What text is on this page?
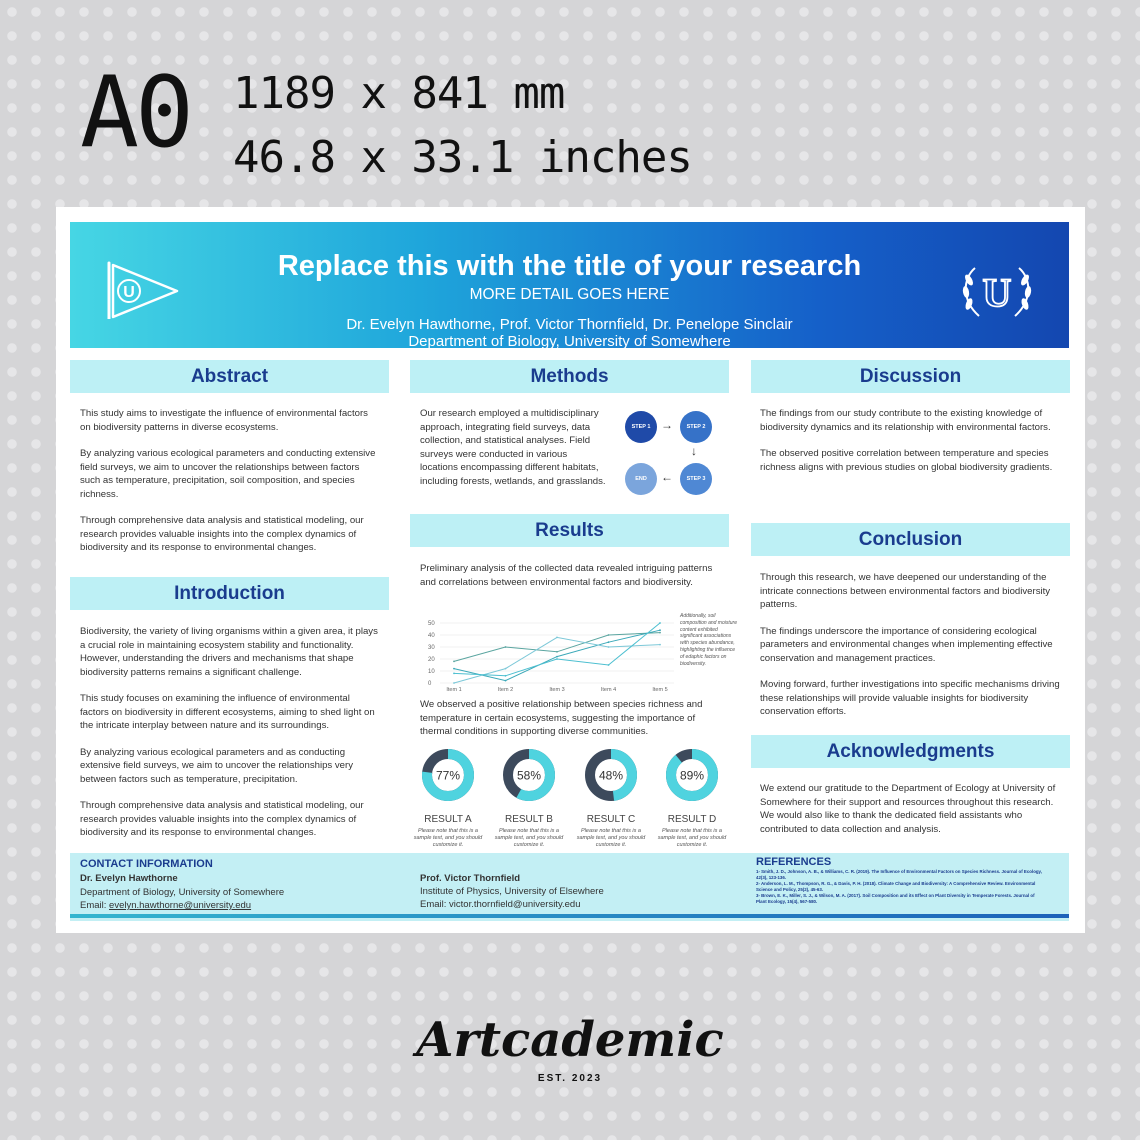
A0 1189 x 841 mm
46.8 x 33.1 inches
U
Replace this with the title of your research
MORE DETAIL GOES HERE
Dr. Evelyn Hawthorne, Prof. Victor Thornfield, Dr. Penelope Sinclair
Department of Biology, University of Somewhere
U
Abstract

This study aims to investigate the influence of environmental factors on biodiversity patterns in diverse ecosystems.

By analyzing various ecological parameters and conducting extensive field surveys, we aim to uncover the relationships between factors such as temperature, precipitation, soil composition, and species richness.

Through comprehensive data analysis and statistical modeling, our research provides valuable insights into the complex dynamics of biodiversity and its response to environmental changes.

Introduction

Biodiversity, the variety of living organisms within a given area, it plays a crucial role in maintaining ecosystem stability and functionality. However, understanding the drivers and mechanisms that shape biodiversity patterns remains a significant challenge.

This study focuses on examining the influence of environmental factors on biodiversity in different ecosystems, aiming to shed light on the intricate interplay between nature and its surroundings.

By analyzing various ecological parameters and as conducting extensive field surveys, we aim to uncover the relationships very between factors such as temperature, precipitation.

Through comprehensive data analysis and statistical modeling, our research provides valuable insights into the complex dynamics of biodiversity and its response to environmental changes.

Methods
Our research employed a multidisciplinary approach, integrating field surveys, data collection, and statistical analyses. Field surveys were conducted in various locations encompassing different habitats, including forests, wetlands, and grasslands.
STEP 1 →	STEP 2
↓
STEP 3
←
END
Results
Preliminary analysis of the collected data revealed intriguing patterns and correlations between environmental factors and biodiversity.
50
40
30
20
10
0
Item 1	Item 2	Item 3	Item 4	Item 5
Additionally, soil composition and moisture content exhibited significant associations with species abundance, highlighting the influence of edaphic factors on biodiversity.
We observed a positive relationship between species richness and temperature in certain ecosystems, suggesting the importance of thermal conditions in supporting diverse communities.
77%
RESULT A
Please note that this is a sample text, and you should customize it.
58%
RESULT B
Please note that this is a sample text, and you should customize it.
48%
RESULT C
Please note that this is a sample text, and you should customize it.
89%
RESULT D
Please note that this is a sample text, and you should customize it.
Discussion

The findings from our study contribute to the existing knowledge of biodiversity dynamics and its relationship with environmental factors.

The observed positive correlation between temperature and species richness aligns with previous studies on global biodiversity gradients.

Conclusion

Through this research, we have deepened our understanding of the intricate connections between environmental factors and biodiversity patterns.

The findings underscore the importance of considering ecological parameters and environmental changes when implementing effective conservation and management practices.

Moving forward, further investigations into specific mechanisms driving these relationships will provide valuable insights for biodiversity conservation efforts.

Acknowledgments
We extend our gratitude to the Department of Ecology at University of Somewhere for their support and resources throughout this research. We would also like to thank the dedicated field assistants who contributed to data collection and analysis.
CONTACT INFORMATION
Dr. Evelyn Hawthorne
Department of Biology, University of Somewhere
Email: evelyn.hawthorne@university.edu
Prof. Victor Thornfield
Institute of Physics, University of Elsewhere
Email: victor.thornfield@university.edu
REFERENCES
1- Smith, J. D., Johnson, A. B., & Williams, C. R. (2019). The Influence of Environmental Factors on Species Richness. Journal of Ecology, 42(3), 123-136.
2- Anderson, L. M., Thompson, R. G., & Davis, P. H. (2018). Climate Change and Biodiversity: A Comprehensive Review. Environmental Science and Policy, 25(2), 45-63.
3- Brown, E. K., Miller, S. J., & Wilson, M. A. (2017). Soil Composition and its Effect on Plant Diversity in Temperate Forests. Journal of Plant Ecology, 15(4), 567-580.
Artcademic
EST. 2023
